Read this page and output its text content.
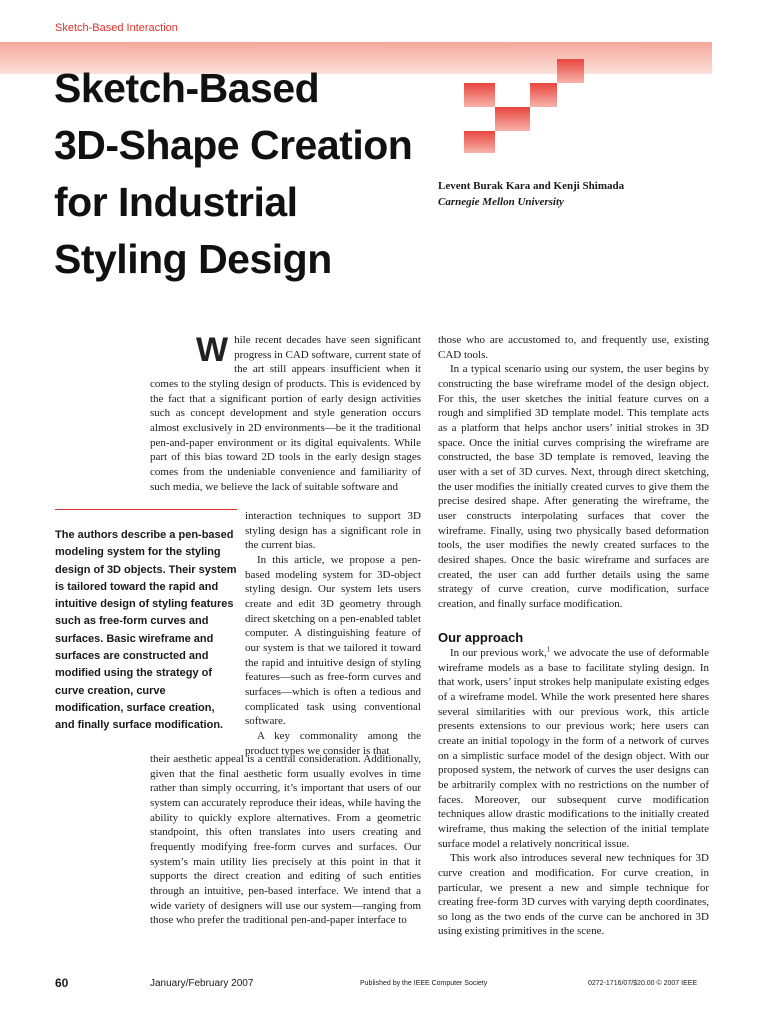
Sketch-Based Interaction
Sketch-Based
3D-Shape Creation
for Industrial
Styling Design
Levent Burak Kara and Kenji Shimada
Carnegie Mellon University
While recent decades have seen significant progress in CAD software, current state of the art still appears insufficient when it comes to the styling design of products. This is evidenced by the fact that a significant portion of early design activities such as concept development and style generation occurs almost exclusively in 2D environments—be it the traditional pen-and-paper environment or its digital equivalents. While part of this bias toward 2D tools in the early design stages comes from the undeniable convenience and familiarity of such media, we believe the lack of suitable software and
The authors describe a pen-based modeling system for the styling design of 3D objects. Their system is tailored toward the rapid and intuitive design of styling features such as free-form curves and surfaces. Basic wireframe and surfaces are constructed and modified using the strategy of curve creation, curve modification, surface creation, and finally surface modification.

interaction techniques to support 3D styling design has a significant role in the current bias.

In this article, we propose a pen-based modeling system for 3D-object styling design. Our system lets users create and edit 3D geometry through direct sketching on a pen-enabled tablet computer. A distinguishing feature of our system is that we tailored it toward the rapid and intuitive design of styling features—such as free-form curves and surfaces—which is often a tedious and complicated task using conventional software.

A key commonality among the product types we consider is that

their aesthetic appeal is a central consideration. Additionally, given that the final aesthetic form usually evolves in time rather than simply occurring, it’s important that users of our system can accurately reproduce their ideas, while having the ability to quickly explore alternatives. From a geometric standpoint, this often translates into users creating and frequently modifying free-form curves and surfaces. Our system’s main utility lies precisely at this point in that it supports the direct creation and editing of such entities through an intuitive, pen-based interface. We intend that a wide variety of designers will use our system—ranging from those who prefer the traditional pen-and-paper interface to

those who are accustomed to, and frequently use, existing CAD tools.

In a typical scenario using our system, the user begins by constructing the base wireframe model of the design object. For this, the user sketches the initial feature curves on a rough and simplified 3D template model. This template acts as a platform that helps anchor users’ initial strokes in 3D space. Once the initial curves comprising the wireframe are constructed, the base 3D template is removed, leaving the user with a set of 3D curves. Next, through direct sketching, the user modifies the initially created curves to give them the precise desired shape. After generating the wireframe, the user constructs interpolating surfaces that cover the wireframe. Finally, using two physically based deformation tools, the user modifies the newly created surfaces to the desired shapes. Once the basic wireframe and surfaces are created, the user can add further details using the same strategy of curve creation, curve modification, surface creation, and finally surface modification.

Our approach

In our previous work,$^1$ we advocate the use of deformable wireframe models as a base to facilitate styling design. In that work, users’ input strokes help manipulate existing edges of a wireframe model. While the work presented here shares several similarities with our previous work, this article presents extensions to our previous work; here users can create an initial topology in the form of a network of curves on a simplistic surface model of the design object. With our proposed system, the network of curves the user designs can be arbitrarily complex with no restrictions on the number of faces. Moreover, our subsequent curve modification techniques allow drastic modifications to the initially created wireframe, thus making the selection of the initial template surface model a relatively noncritical issue.

This work also introduces several new techniques for 3D curve creation and modification. For curve creation, in particular, we present a new and simple technique for creating free-form 3D curves with varying depth coordinates, so long as the two ends of the curve can be anchored in 3D using existing primitives in the scene.

60	January/February 2007	Published by the IEEE Computer Society	0272-1716/07/$20.00 © 2007 IEEE
